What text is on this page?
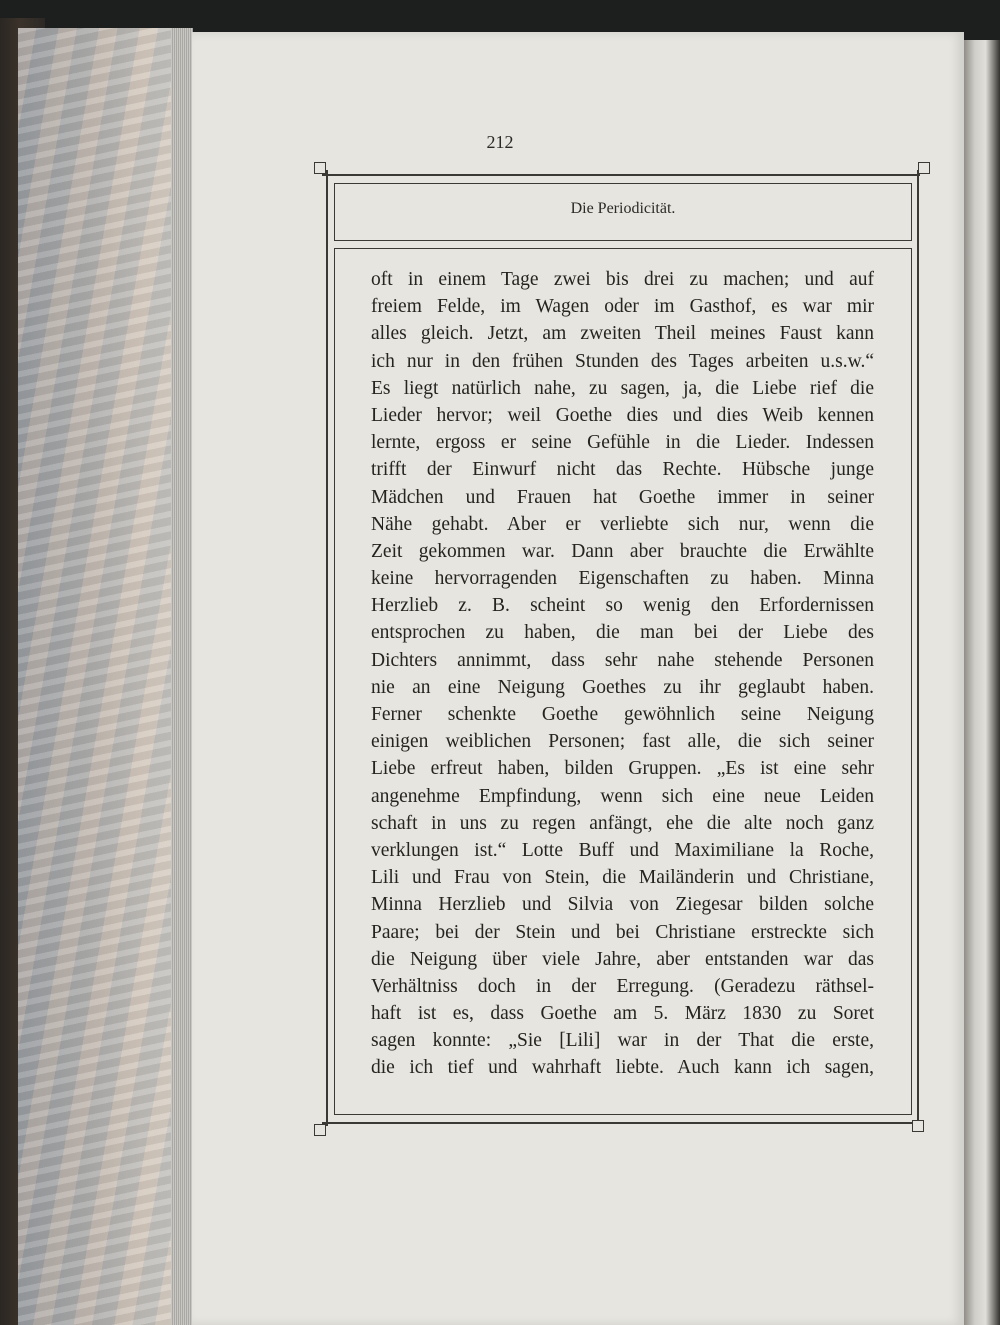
212
Die Periodicität.
oft in einem Tage zwei bis drei zu machen; und auf
freiem Felde, im Wagen oder im Gasthof, es war mir
alles gleich. Jetzt, am zweiten Theil meines Faust kann
ich nur in den frühen Stunden des Tages arbeiten u.s.w.“
Es liegt natürlich nahe, zu sagen, ja, die Liebe rief die
Lieder hervor; weil Goethe dies und dies Weib kennen
lernte, ergoss er seine Gefühle in die Lieder. Indessen
trifft der Einwurf nicht das Rechte. Hübsche junge
Mädchen und Frauen hat Goethe immer in seiner
Nähe gehabt. Aber er verliebte sich nur, wenn die
Zeit gekommen war. Dann aber brauchte die Erwählte
keine hervorragenden Eigenschaften zu haben. Minna
Herzlieb z. B. scheint so wenig den Erfordernissen
entsprochen zu haben, die man bei der Liebe des
Dichters annimmt, dass sehr nahe stehende Personen
nie an eine Neigung Goethes zu ihr geglaubt haben.
Ferner schenkte Goethe gewöhnlich seine Neigung
einigen weiblichen Personen; fast alle, die sich seiner
Liebe erfreut haben, bilden Gruppen. „Es ist eine sehr
angenehme Empfindung, wenn sich eine neue Leiden
schaft in uns zu regen anfängt, ehe die alte noch ganz
verklungen ist.“ Lotte Buff und Maximiliane la Roche,
Lili und Frau von Stein, die Mailänderin und Christiane,
Minna Herzlieb und Silvia von Ziegesar bilden solche
Paare; bei der Stein und bei Christiane erstreckte sich
die Neigung über viele Jahre, aber entstanden war das
Verhältniss doch in der Erregung. (Geradezu räthsel-
haft ist es, dass Goethe am 5. März 1830 zu Soret
sagen konnte: „Sie [Lili] war in der That die erste,
die ich tief und wahrhaft liebte. Auch kann ich sagen,
